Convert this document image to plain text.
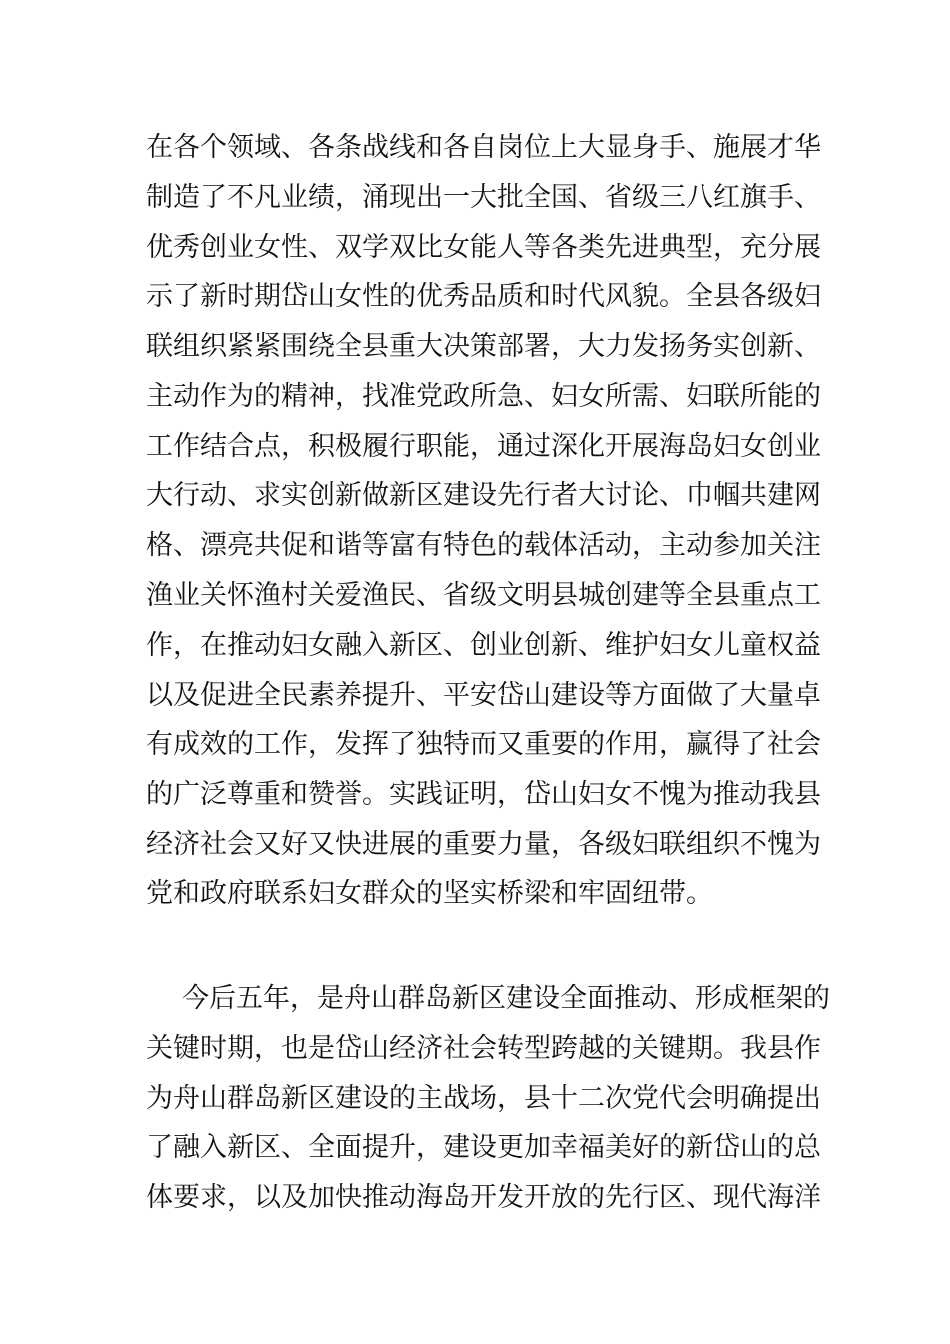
在各个领域、各条战线和各自岗位上大显身手、施展才华
制造了不凡业绩，涌现出一大批全国、省级三八红旗手、
优秀创业女性、双学双比女能人等各类先进典型，充分展
示了新时期岱山女性的优秀品质和时代风貌。全县各级妇
联组织紧紧围绕全县重大决策部署，大力发扬务实创新、
主动作为的精神，找准党政所急、妇女所需、妇联所能的
工作结合点，积极履行职能，通过深化开展海岛妇女创业
大行动、求实创新做新区建设先行者大讨论、巾帼共建网
格、漂亮共促和谐等富有特色的载体活动，主动参加关注
渔业关怀渔村关爱渔民、省级文明县城创建等全县重点工
作，在推动妇女融入新区、创业创新、维护妇女儿童权益
以及促进全民素养提升、平安岱山建设等方面做了大量卓
有成效的工作，发挥了独特而又重要的作用，赢得了社会
的广泛尊重和赞誉。实践证明，岱山妇女不愧为推动我县
经济社会又好又快进展的重要力量，各级妇联组织不愧为
党和政府联系妇女群众的坚实桥梁和牢固纽带。
今后五年，是舟山群岛新区建设全面推动、形成框架的
关键时期，也是岱山经济社会转型跨越的关键期。我县作
为舟山群岛新区建设的主战场，县十二次党代会明确提出
了融入新区、全面提升，建设更加幸福美好的新岱山的总
体要求，以及加快推动海岛开发开放的先行区、现代海洋
